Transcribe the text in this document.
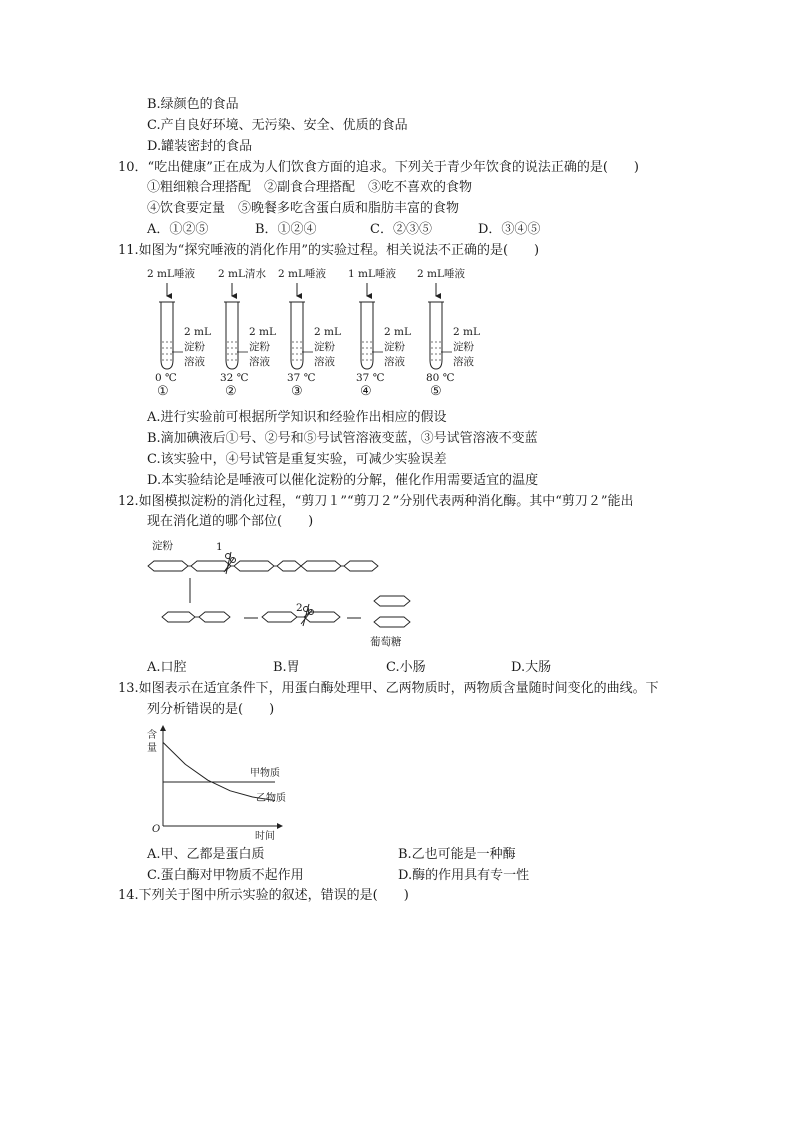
B.绿颜色的食品
C.产自良好环境、无污染、安全、优质的食品
D.罐装密封的食品
10．“吃出健康”正在成为人们饮食方面的追求。下列关于青少年饮食的说法正确的是(　　)
①粗细粮合理搭配　②副食合理搭配　③吃不喜欢的食物
④饮食要定量　⑤晚餐多吃含蛋白质和脂肪丰富的食物
A．①②⑤	B．①②④	C．②③⑤	D．③④⑤
11.如图为“探究唾液的消化作用”的实验过程。相关说法不正确的是(　　)
2 mL唾液
0 ℃
①
2 mL
淀粉
溶液
2 mL清水
32 ℃
②
2 mL
淀粉
溶液
2 mL唾液
37 ℃
③
2 mL
淀粉
溶液
1 mL唾液
37 ℃
④
2 mL
淀粉
溶液
2 mL唾液
80 ℃
⑤
2 mL
淀粉
溶液
A.进行实验前可根据所学知识和经验作出相应的假设
B.滴加碘液后①号、②号和⑤号试管溶液变蓝，③号试管溶液不变蓝
C.该实验中，④号试管是重复实验，可减少实验误差
D.本实验结论是唾液可以催化淀粉的分解，催化作用需要适宜的温度
12.如图模拟淀粉的消化过程，“剪刀１”“剪刀２”分别代表两种消化酶。其中“剪刀２”能出
现在消化道的哪个部位(　　)
淀粉	1
2
葡萄糖
A.口腔	B.胃	C.小肠	D.大肠
13.如图表示在适宜条件下，用蛋白酶处理甲、乙两物质时，两物质含量随时间变化的曲线。下
列分析错误的是(　　)
含
量
O
时间
甲物质
乙物质
A.甲、乙都是蛋白质	B.乙也可能是一种酶
C.蛋白酶对甲物质不起作用	D.酶的作用具有专一性
14.下列关于图中所示实验的叙述，错误的是(　　)
